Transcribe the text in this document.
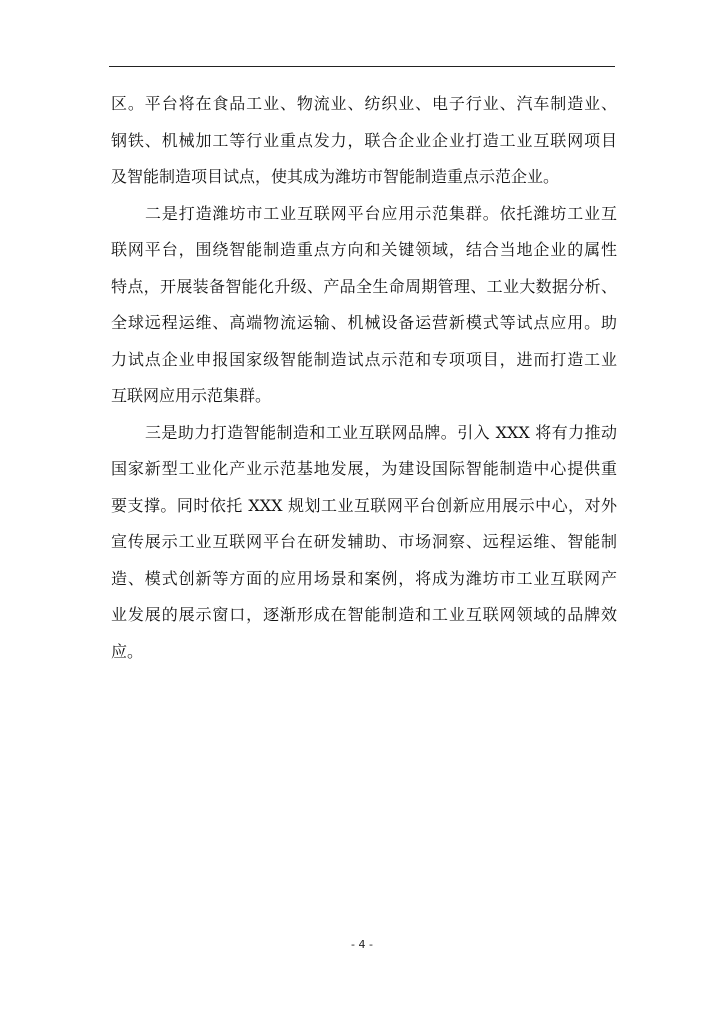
区。平台将在食品工业、物流业、纺织业、电子行业、汽车制造业、
钢铁、机械加工等行业重点发力，联合企业企业打造工业互联网项目
及智能制造项目试点，使其成为潍坊市智能制造重点示范企业。
二是打造潍坊市工业互联网平台应用示范集群。依托潍坊工业互
联网平台，围绕智能制造重点方向和关键领域，结合当地企业的属性
特点，开展装备智能化升级、产品全生命周期管理、工业大数据分析、
全球远程运维、高端物流运输、机械设备运营新模式等试点应用。助
力试点企业申报国家级智能制造试点示范和专项项目，进而打造工业
互联网应用示范集群。
三是助力打造智能制造和工业互联网品牌。引入 XXX 将有力推动
国家新型工业化产业示范基地发展，为建设国际智能制造中心提供重
要支撑。同时依托 XXX 规划工业互联网平台创新应用展示中心，对外
宣传展示工业互联网平台在研发辅助、市场洞察、远程运维、智能制
造、模式创新等方面的应用场景和案例，将成为潍坊市工业互联网产
业发展的展示窗口，逐渐形成在智能制造和工业互联网领域的品牌效
应。
- 4 -
